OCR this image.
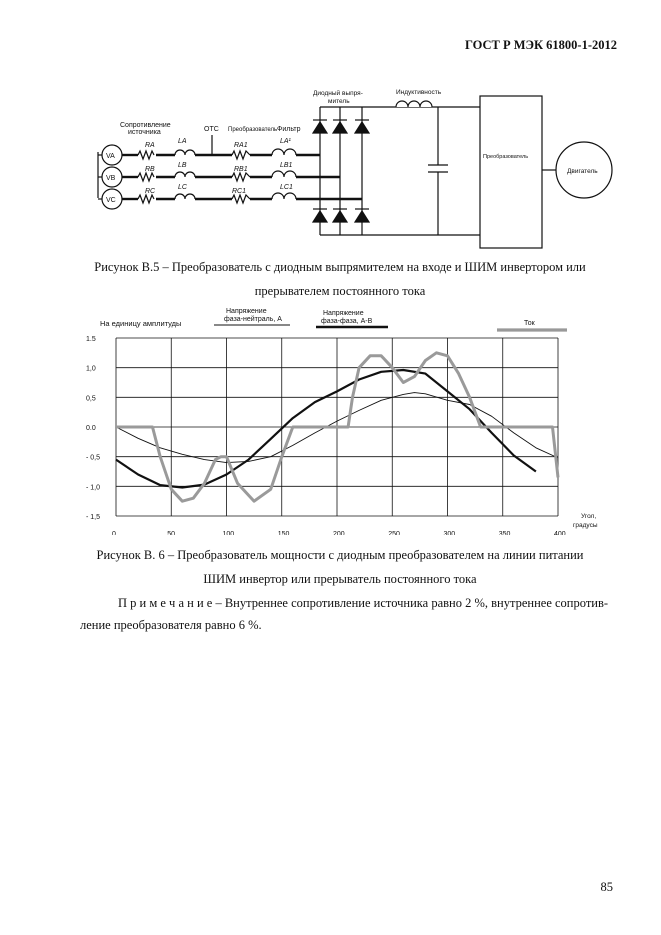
ГОСТ Р МЭК 61800-1-2012
Сопротивление
источника	ОТС Преобразователь Фильтр
Диодный выпря-
митель
Индуктивность
Преобразователь
Двигатель
VA
VB
VC
RA
RB
RC
LA
LB
LC
RA1
RB1
RC1
LA¹
LB1
LC1
Рисунок В.5 – Преобразователь с диодным выпрямителем на входе и ШИМ инвертором или
прерывателем постоянного тока
0	50	100	150	200	250	300	350	400
1.5
1,0
0,5
0.0
- 0,5
- 1,0
- 1,5
Напряжение
фаза-нейтраль, А
Напряжение
фаза-фаза, А-В	Ток
На единицу амплитуды
Угол,
градусы
Рисунок В. 6 – Преобразователь мощности с диодным преобразователем на линии питании
ШИМ инвертор или прерыватель постоянного тока
П р и м е ч а н и е – Внутреннее сопротивление источника равно 2 %, внутреннее сопротив- ление преобразователя равно 6 %.
85
